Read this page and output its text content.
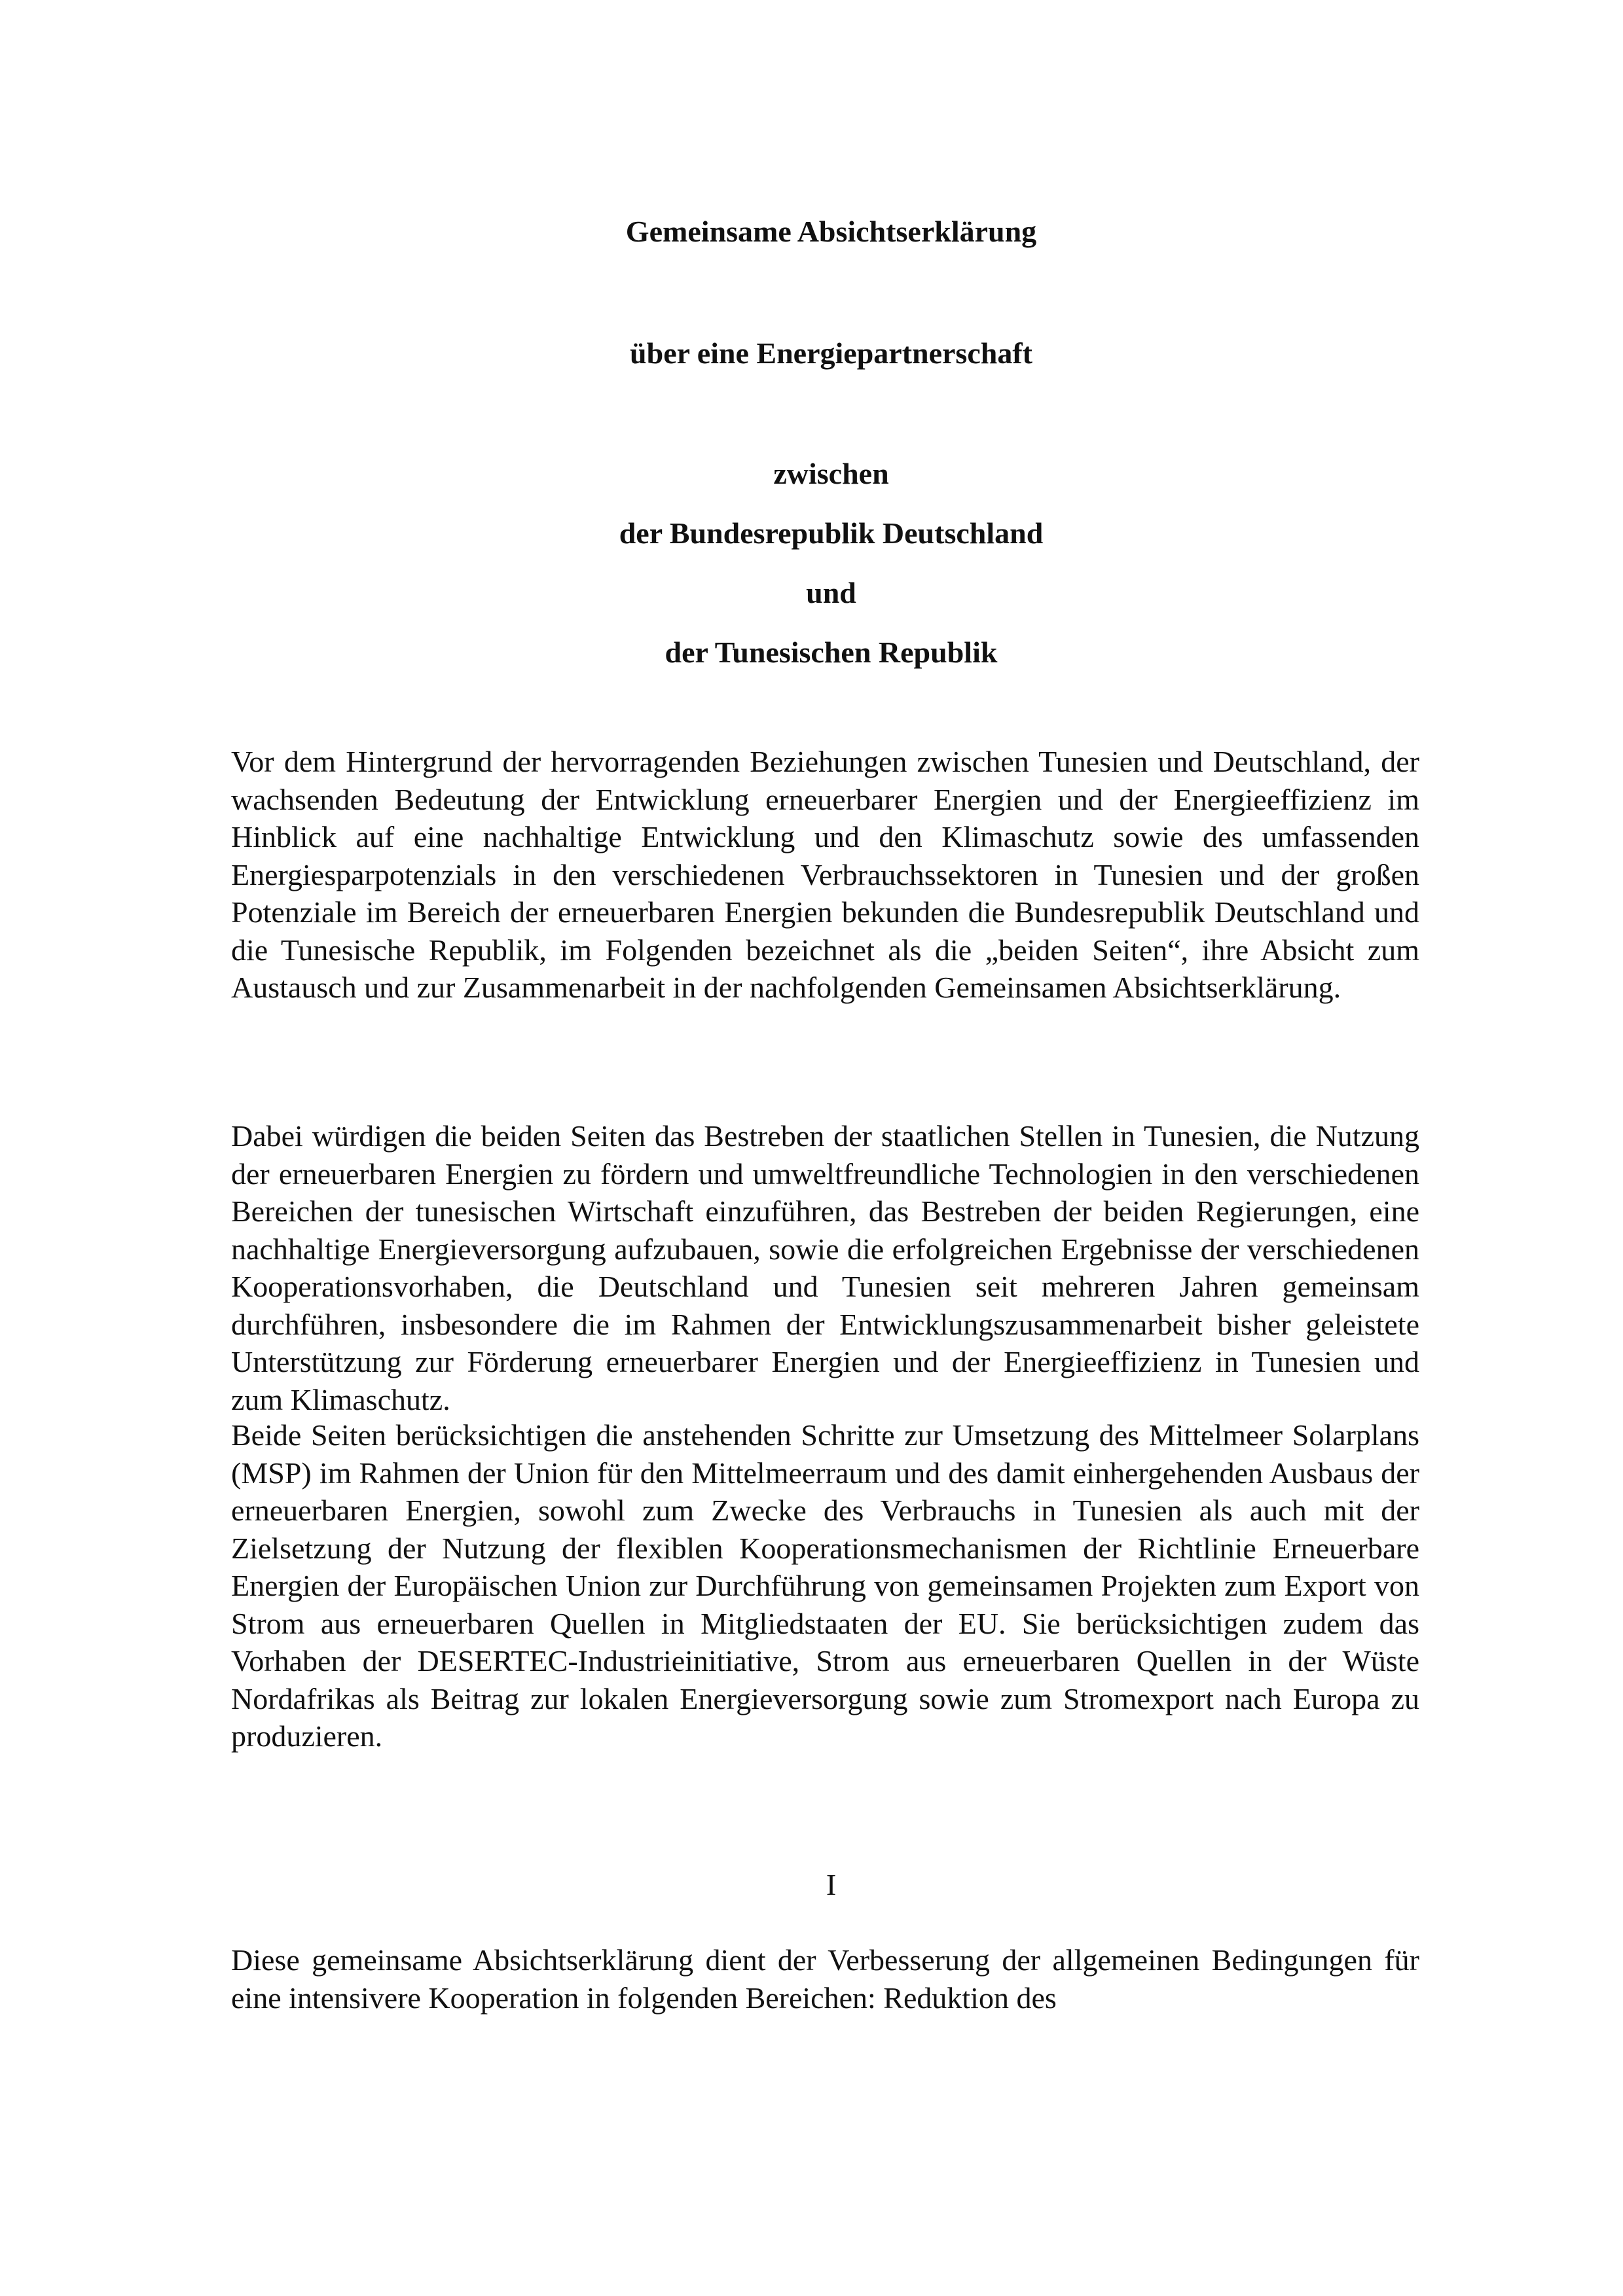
Gemeinsame Absichtserklärung

über eine Energiepartnerschaft

zwischen

der Bundesrepublik Deutschland

und

der Tunesischen Republik

Vor dem Hintergrund der hervorragenden Beziehungen zwischen Tunesien und Deutschland, der wachsenden Bedeutung der Entwicklung erneuerbarer Energien und der Energieeffizienz im Hinblick auf eine nachhaltige Entwicklung und den Klimaschutz sowie des umfassenden Energiesparpotenzials in den verschiedenen Verbrauchssektoren in Tunesien und der großen Potenziale im Bereich der erneuerbaren Energien bekunden die Bundesrepublik Deutschland und die Tunesische Republik, im Folgenden bezeichnet als die „beiden Seiten“, ihre Absicht zum Austausch und zur Zusammenarbeit in der nachfolgenden Gemeinsamen Absichtserklärung.

Dabei würdigen die beiden Seiten das Bestreben der staatlichen Stellen in Tunesien, die Nutzung der erneuerbaren Energien zu fördern und umweltfreundliche Technologien in den verschiedenen Bereichen der tunesischen Wirtschaft einzuführen, das Bestreben der beiden Regierungen, eine nachhaltige Energieversorgung aufzubauen, sowie die erfolgreichen Ergebnisse der verschiedenen Kooperationsvorhaben, die Deutschland und Tunesien seit mehreren Jahren gemeinsam durchführen, insbesondere die im Rahmen der Entwicklungszusammenarbeit bisher geleistete Unterstützung zur Förderung erneuerbarer Energien und der Energieeffizienz in Tunesien und zum Klimaschutz.

Beide Seiten berücksichtigen die anstehenden Schritte zur Umsetzung des Mittelmeer Solarplans (MSP) im Rahmen der Union für den Mittelmeerraum und des damit einhergehenden Ausbaus der erneuerbaren Energien, sowohl zum Zwecke des Verbrauchs in Tunesien als auch mit der Zielsetzung der Nutzung der flexiblen Kooperationsmechanismen der Richtlinie Erneuerbare Energien der Europäischen Union zur Durchführung von gemeinsamen Projekten zum Export von Strom aus erneuerbaren Quellen in Mitgliedstaaten der EU. Sie berücksichtigen zudem das Vorhaben der DESERTEC-Industrieinitiative, Strom aus erneuerbaren Quellen in der Wüste Nordafrikas als Beitrag zur lokalen Energieversorgung sowie zum Stromexport nach Europa zu produzieren.

I

Diese gemeinsame Absichtserklärung dient der Verbesserung der allgemeinen Bedingungen für eine intensivere Kooperation in folgenden Bereichen: Reduktion des
